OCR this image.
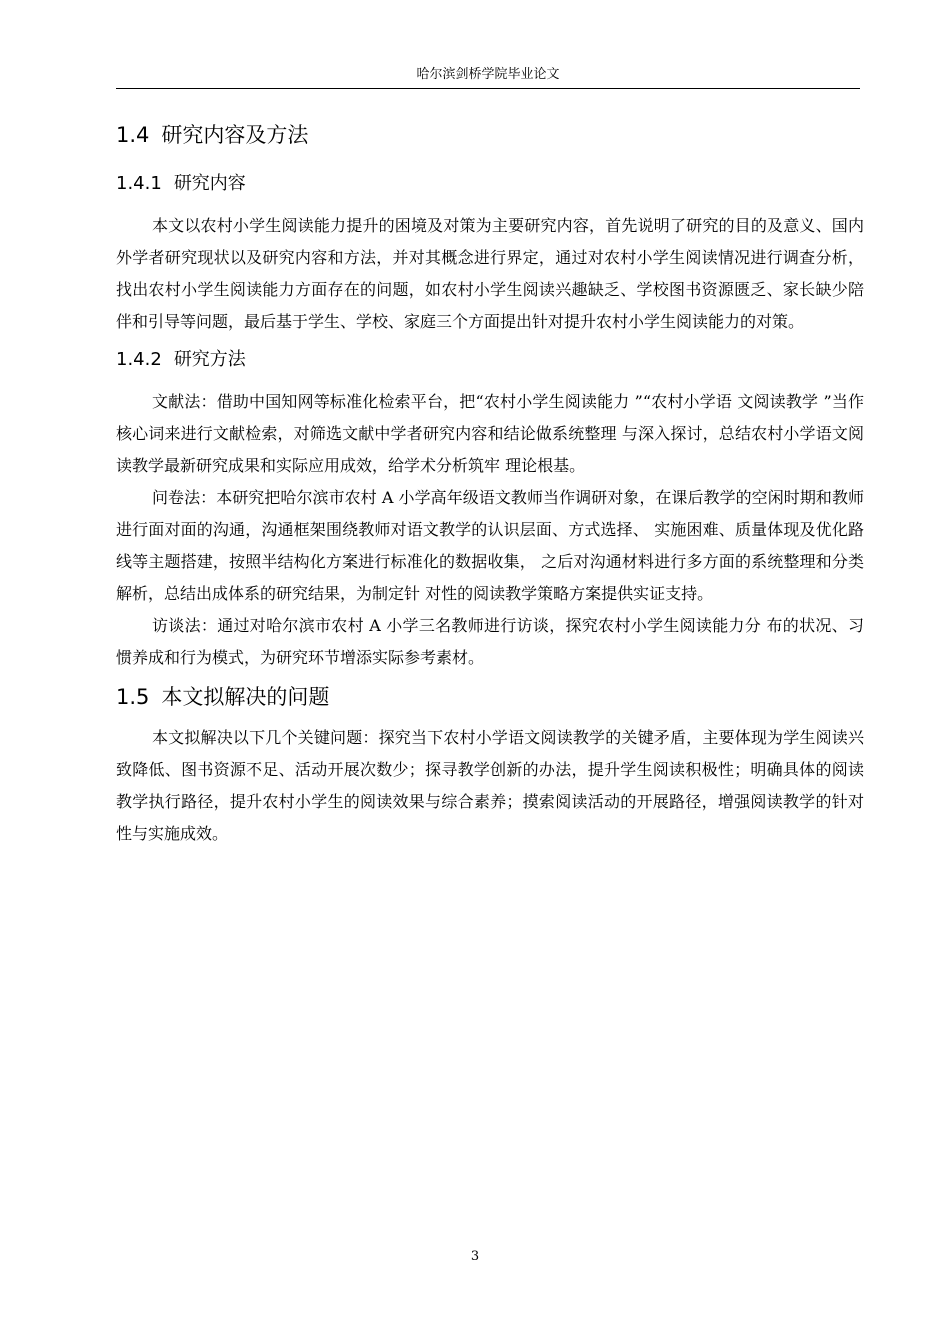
哈尔滨剑桥学院毕业论文
1.4 研究内容及方法
1.4.1 研究内容

本文以农村小学生阅读能力提升的困境及对策为主要研究内容，首先说明了研究的目的及意义、国内外学者研究现状以及研究内容和方法，并对其概念进行界定，通过对农村小学生阅读情况进行调查分析，找出农村小学生阅读能力方面存在的问题，如农村小学生阅读兴趣缺乏、学校图书资源匮乏、家长缺少陪伴和引导等问题，最后基于学生、学校、家庭三个方面提出针对提升农村小学生阅读能力的对策。

1.4.2 研究方法

文献法：借助中国知网等标准化检索平台，把“农村小学生阅读能力 ”“农村小学语 文阅读教学 ”当作核心词来进行文献检索，对筛选文献中学者研究内容和结论做系统整理 与深入探讨，总结农村小学语文阅读教学最新研究成果和实际应用成效，给学术分析筑牢 理论根基。

问卷法：本研究把哈尔滨市农村 A 小学高年级语文教师当作调研对象，在课后教学的空闲时期和教师进行面对面的沟通，沟通框架围绕教师对语文教学的认识层面、方式选择、 实施困难、质量体现及优化路线等主题搭建，按照半结构化方案进行标准化的数据收集， 之后对沟通材料进行多方面的系统整理和分类解析，总结出成体系的研究结果，为制定针 对性的阅读教学策略方案提供实证支持。

访谈法：通过对哈尔滨市农村 A 小学三名教师进行访谈，探究农村小学生阅读能力分 布的状况、习惯养成和行为模式，为研究环节增添实际参考素材。

1.5 本文拟解决的问题

本文拟解决以下几个关键问题：探究当下农村小学语文阅读教学的关键矛盾，主要体现为学生阅读兴致降低、图书资源不足、活动开展次数少；探寻教学创新的办法，提升学生阅读积极性；明确具体的阅读教学执行路径，提升农村小学生的阅读效果与综合素养；摸索阅读活动的开展路径，增强阅读教学的针对性与实施成效。

3
